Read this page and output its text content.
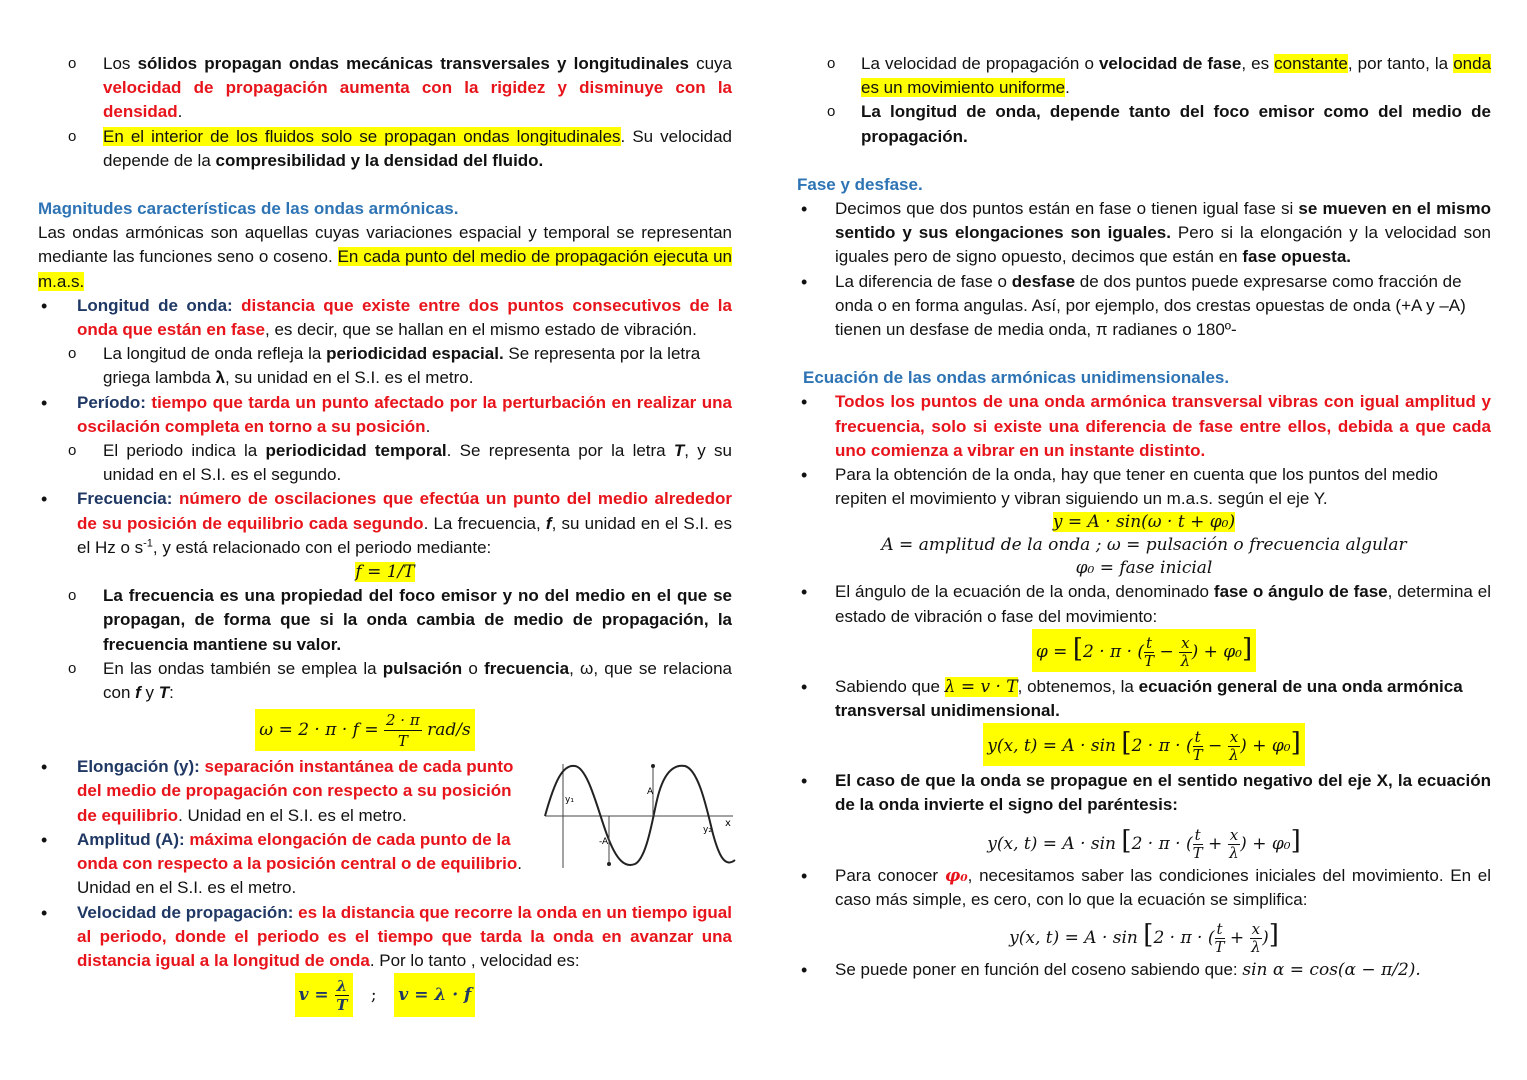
o Los sólidos propagan ondas mecánicas transversales y longitudinales cuya velocidad de propagación aumenta con la rigidez y disminuye con la densidad.

o En el interior de los fluidos solo se propagan ondas longitudinales. Su velocidad depende de la compresibilidad y la densidad del fluido.

Magnitudes características de las ondas armónicas.

Las ondas armónicas son aquellas cuyas variaciones espacial y temporal se representan mediante las funciones seno o coseno. En cada punto del medio de propagación ejecuta un m.a.s.

• Longitud de onda: distancia que existe entre dos puntos consecutivos de la onda que están en fase, es decir, que se hallan en el mismo estado de vibración.

o La longitud de onda refleja la periodicidad espacial. Se representa por la letra griega lambda λ, su unidad en el S.I. es el metro.

• Período: tiempo que tarda un punto afectado por la perturbación en realizar una oscilación completa en torno a su posición.

o El periodo indica la periodicidad temporal. Se representa por la letra T, y su unidad en el S.I. es el segundo.

• Frecuencia: número de oscilaciones que efectúa un punto del medio alrededor de su posición de equilibrio cada segundo. La frecuencia, f, su unidad en el S.I. es el Hz o $s^{-1}$, y está relacionado con el periodo mediante:

f = 1/T

o La frecuencia es una propiedad del foco emisor y no del medio en el que se propagan, de forma que si la onda cambia de medio de propagación, la frecuencia mantiene su valor.

o En las ondas también se emplea la pulsación o frecuencia, ω, que se relaciona con f y T:

$\omega = 2 \cdot \pi \cdot f = \frac{2 \cdot \pi}{T} rad/s$

• Elongación (y): separación instantánea de cada punto del medio de propagación con respecto a su posición de equilibrio. Unidad en el S.I. es el metro.

• Amplitud (A): máxima elongación de cada punto de la onda con respecto a la posición central o de equilibrio. Unidad en el S.I. es el metro.

• Velocidad de propagación: es la distancia que recorre la onda en un tiempo igual al periodo, donde el periodo es el tiempo que tarda la onda en avanzar una distancia igual a la longitud de onda. Por lo tanto , velocidad es:

$v = \frac{\lambda}{T}$ ; v = λ · f

y₁
A
-A
y₂
x
o La velocidad de propagación o velocidad de fase, es constante, por tanto, la onda es un movimiento uniforme.

o La longitud de onda, depende tanto del foco emisor como del medio de propagación.

Fase y desfase.

• Decimos que dos puntos están en fase o tienen igual fase si se mueven en el mismo sentido y sus elongaciones son iguales. Pero si la elongación y la velocidad son iguales pero de signo opuesto, decimos que están en fase opuesta.

• La diferencia de fase o desfase de dos puntos puede expresarse como fracción de onda o en forma angulas. Así, por ejemplo, dos crestas opuestas de onda (+A y –A) tienen un desfase de media onda, π radianes o 180º-

Ecuación de las ondas armónicas unidimensionales.

• Todos los puntos de una onda armónica transversal vibras con igual amplitud y frecuencia, solo si existe una diferencia de fase entre ellos, debida a que cada uno comienza a vibrar en un instante distinto.

• Para la obtención de la onda, hay que tener en cuenta que los puntos del medio repiten el movimiento y vibran siguiendo un m.a.s. según el eje Y.

y = A · sin(ω · t + φ₀)

A = amplitud de la onda ; ω = pulsación o frecuencia algular

φ₀ = fase inicial

• El ángulo de la ecuación de la onda, denominado fase o ángulo de fase, determina el estado de vibración o fase del movimiento:

φ = [2 · π · ( $\frac{t}{T} - \frac{x}{\lambda}$ ) + φ₀]

• Sabiendo que λ = v · T, obtenemos, la ecuación general de una onda armónica transversal unidimensional.

y(x, t) = A · sin [2 · π · ( $\frac{t}{T} - \frac{x}{\lambda}$ ) + φ₀]

• El caso de que la onda se propague en el sentido negativo del eje X, la ecuación de la onda invierte el signo del paréntesis:

y(x, t) = A · sin [2 · π · ( $\frac{t}{T} + \frac{x}{\lambda}$ ) + φ₀]

• Para conocer φ₀, necesitamos saber las condiciones iniciales del movimiento. En el caso más simple, es cero, con lo que la ecuación se simplifica:

y(x, t) = A · sin [2 · π · ( $\frac{t}{T} + \frac{x}{\lambda}$ )]

• Se puede poner en función del coseno sabiendo que: sin α = cos(α − π/2).
